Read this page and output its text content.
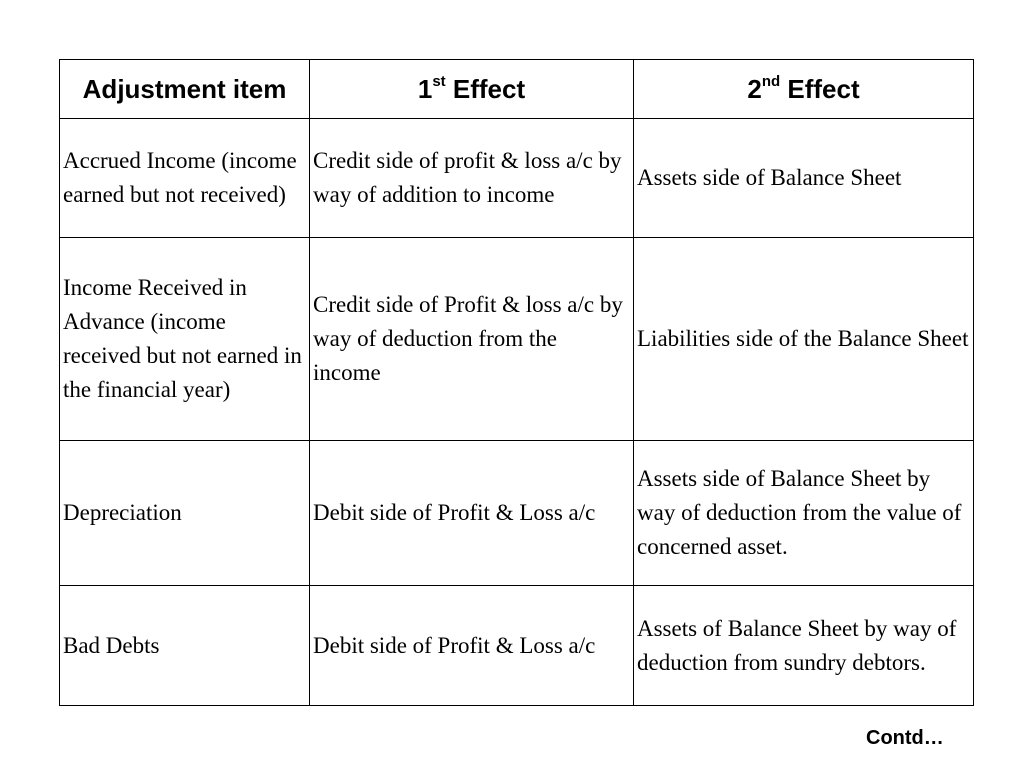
Adjustment item	1st Effect	2nd Effect
Accrued Income (income earned but not received)	Credit side of profit & loss a/c by way of addition to income	Assets side of Balance Sheet
Income Received in Advance (income received but not earned in the financial year)	Credit side of Profit & loss a/c by way of deduction from the income	Liabilities side of the Balance Sheet
Depreciation	Debit side of Profit & Loss a/c	Assets side of Balance Sheet by way of deduction from the value of concerned asset.
Bad Debts	Debit side of Profit & Loss a/c	Assets of Balance Sheet by way of deduction from sundry debtors.
Contd…
